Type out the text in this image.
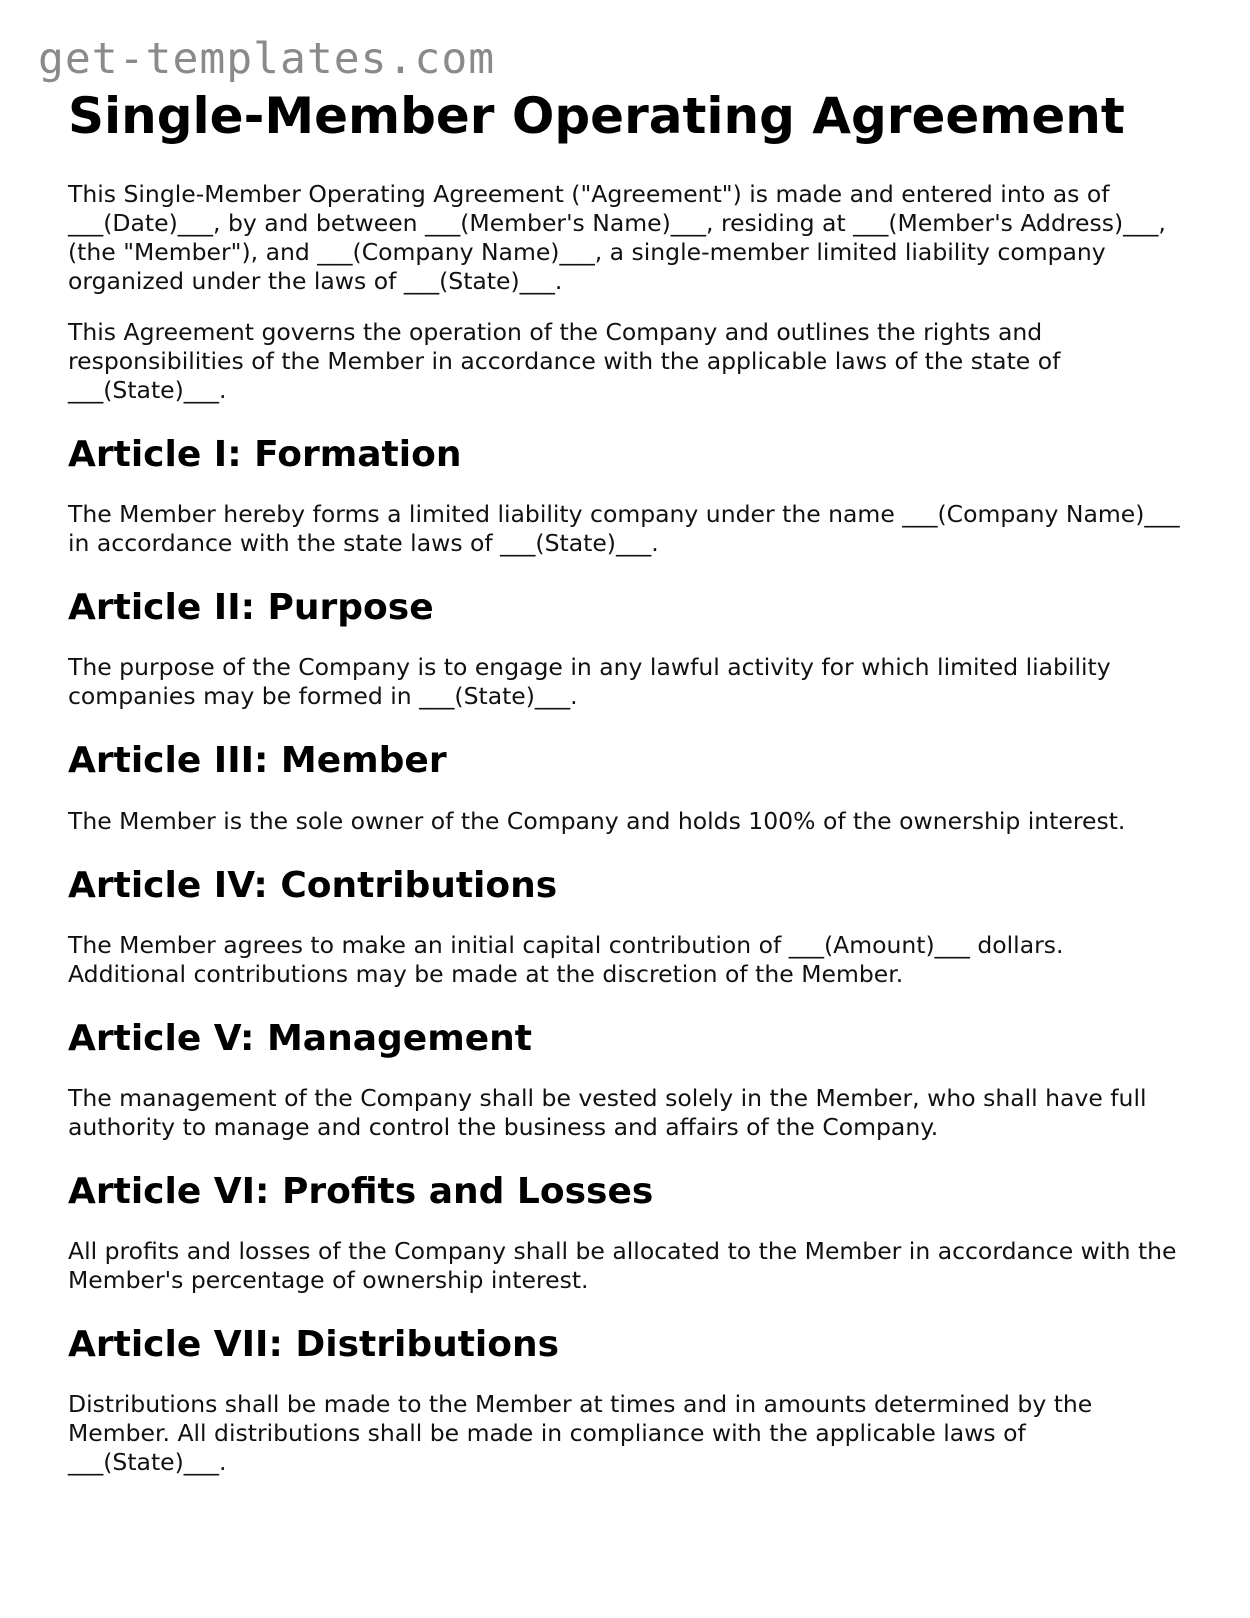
get-templates.com
Single-Member Operating Agreement

This Single-Member Operating Agreement ("Agreement") is made and entered into as of ___(Date)___, by and between ___(Member's Name)___, residing at ___(Member's Address)___, (the "Member"), and ___(Company Name)___, a single-member limited liability company organized under the laws of ___(State)___.

This Agreement governs the operation of the Company and outlines the rights and responsibilities of the Member in accordance with the applicable laws of the state of ___(State)___.

Article I: Formation

The Member hereby forms a limited liability company under the name ___(Company Name)___ in accordance with the state laws of ___(State)___.

Article II: Purpose

The purpose of the Company is to engage in any lawful activity for which limited liability companies may be formed in ___(State)___.

Article III: Member

The Member is the sole owner of the Company and holds 100% of the ownership interest.

Article IV: Contributions

The Member agrees to make an initial capital contribution of ___(Amount)___ dollars. Additional contributions may be made at the discretion of the Member.

Article V: Management

The management of the Company shall be vested solely in the Member, who shall have full authority to manage and control the business and affairs of the Company.

Article VI: Profits and Losses

All profits and losses of the Company shall be allocated to the Member in accordance with the Member's percentage of ownership interest.

Article VII: Distributions

Distributions shall be made to the Member at times and in amounts determined by the Member. All distributions shall be made in compliance with the applicable laws of ___(State)___.
